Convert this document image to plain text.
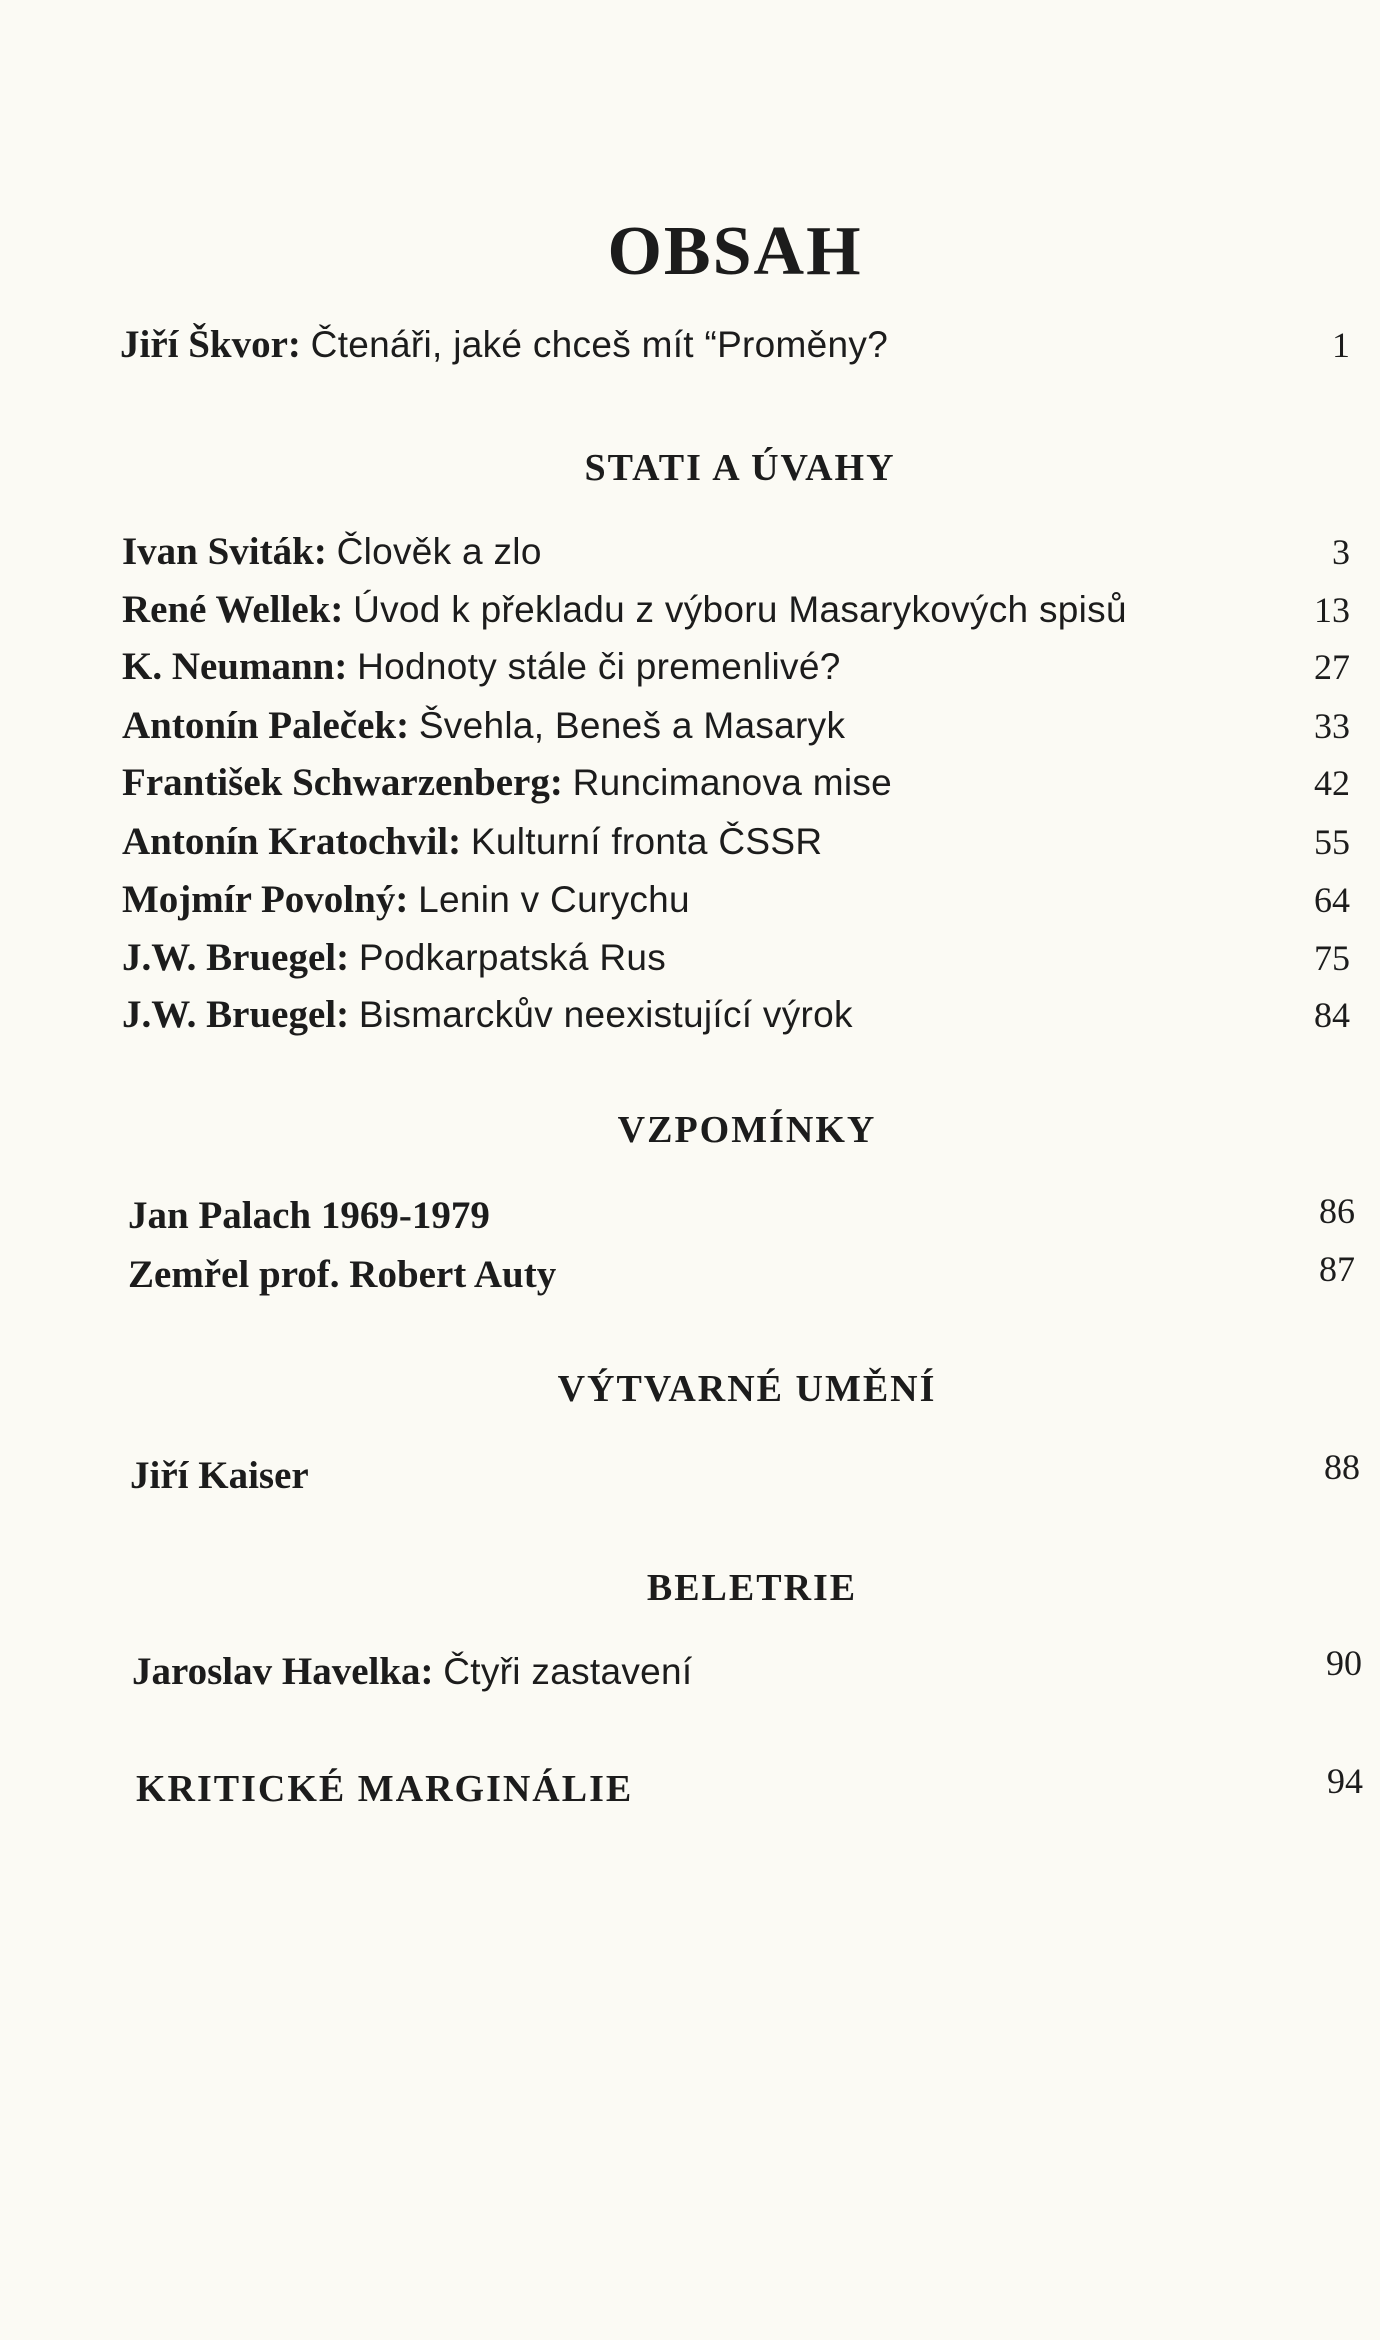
OBSAH
Jiří Škvor: Čtenáři, jaké chceš mít “Proměny?	1
STATI A ÚVAHY
Ivan Sviták: Člověk a zlo	3
René Wellek: Úvod k překladu z výboru Masarykových spisů	13
K. Neumann: Hodnoty stále či premenlivé?	27
Antonín Paleček: Švehla, Beneš a Masaryk	33
František Schwarzenberg: Runcimanova mise	42
Antonín Kratochvil: Kulturní fronta ČSSR	55
Mojmír Povolný: Lenin v Curychu	64
J.W. Bruegel: Podkarpatská Rus	75
J.W. Bruegel: Bismarckův neexistující výrok	84
VZPOMÍNKY
Jan Palach 1969-1979	86
Zemřel prof. Robert Auty	87
VÝTVARNÉ UMĚNÍ
Jiří Kaiser	88
BELETRIE
Jaroslav Havelka: Čtyři zastavení	90
KRITICKÉ MARGINÁLIE	94
